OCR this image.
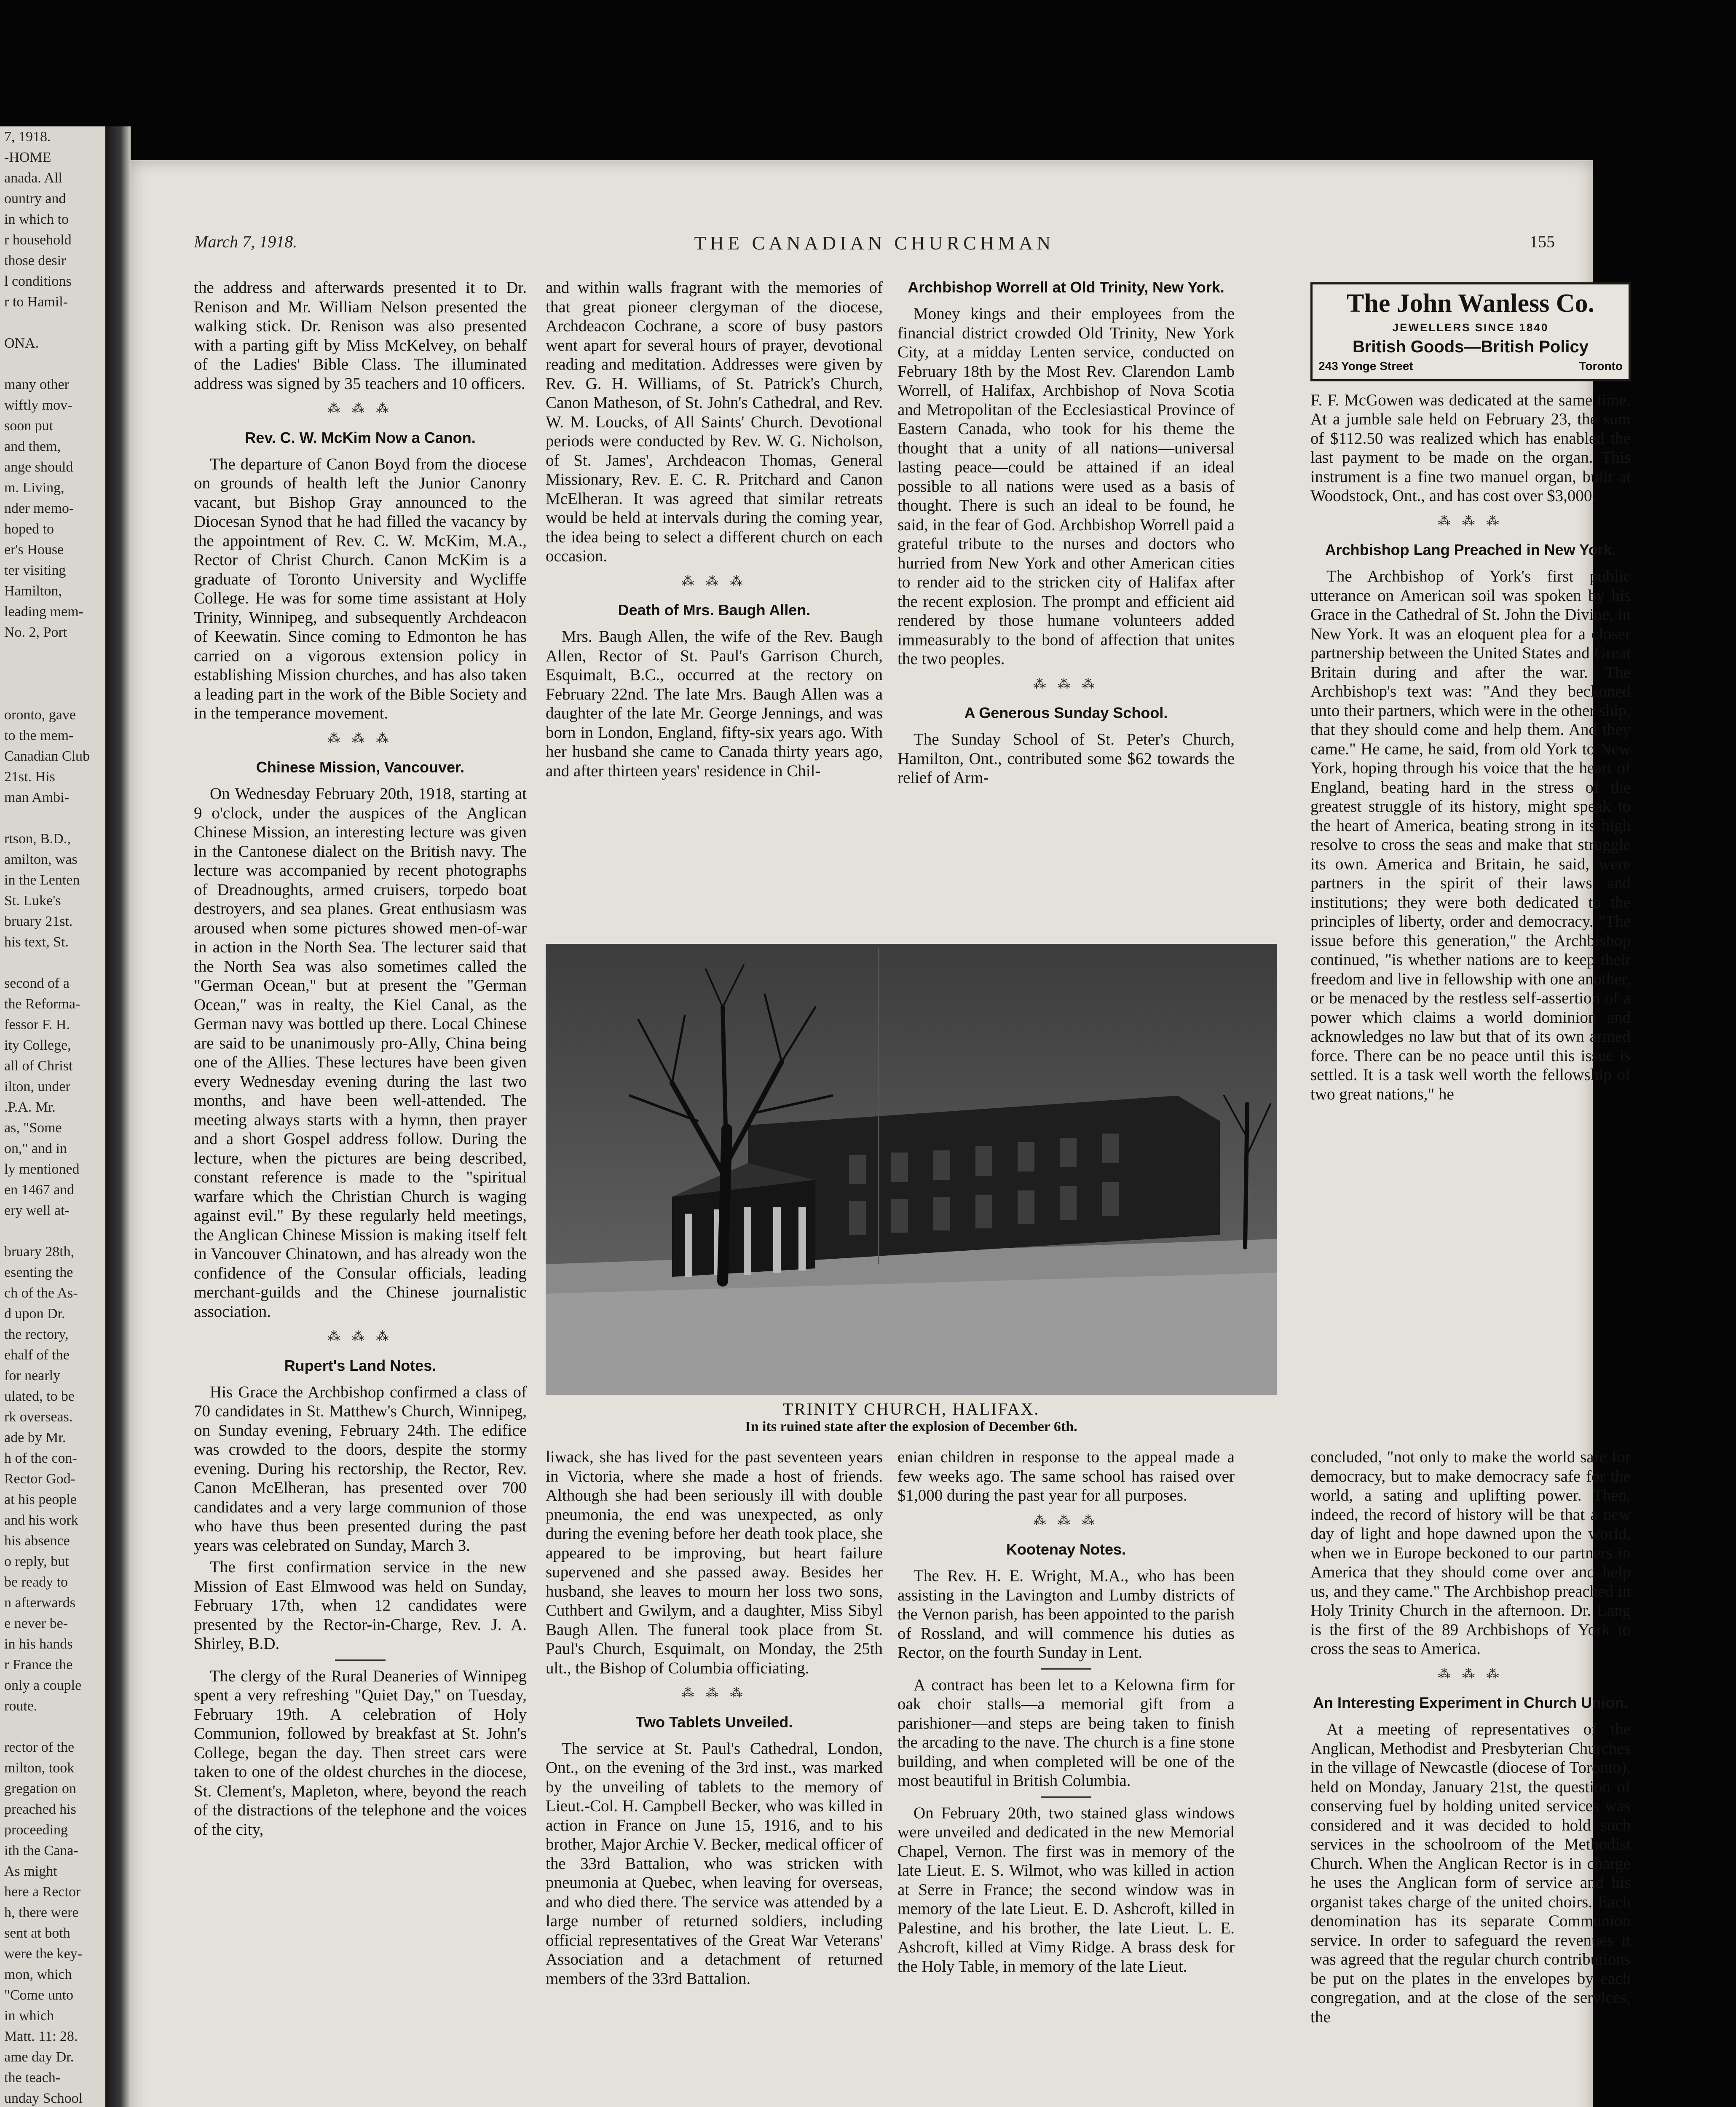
7, 1918.
-HOME
anada. All
ountry and
in which to
r household
those desir
l conditions
r to Hamil-

ONA.

many other
wiftly mov-
soon put
and them,
ange should
m. Living,
nder memo-
hoped to
er's House
ter visiting
Hamilton,
leading mem-
No. 2, Port

oronto, gave
to the mem-
Canadian Club
21st. His
man Ambi-

rtson, B.D.,
amilton, was
in the Lenten
St. Luke's
bruary 21st.
his text, St.

second of a
the Reforma-
fessor F. H.
ity College,
all of Christ
ilton, under
.P.A. Mr.
as, "Some
on," and in
ly mentioned
en 1467 and
ery well at-

bruary 28th,
esenting the
ch of the As-
d upon Dr.
the rectory,
ehalf of the
for nearly
ulated, to be
rk overseas.
ade by Mr.
h of the con-
Rector God-
at his people
and his work
his absence
o reply, but
be ready to
n afterwards
e never be-
in his hands
r France the
only a couple
route.

rector of the
milton, took
gregation on
preached his
proceeding
ith the Cana-
As might
here a Rector
h, there were
sent at both
were the key-
mon, which
"Come unto
in which
Matt. 11: 28.
ame day Dr.
the teach-
unday School
March 7, 1918.	THE CANADIAN CHURCHMAN	155

the address and afterwards presented it to Dr. Renison and Mr. William Nelson presented the walking stick. Dr. Renison was also presented with a parting gift by Miss McKelvey, on behalf of the Ladies' Bible Class. The illuminated address was signed by 35 teachers and 10 officers.

⁂ ⁂ ⁂
Rev. C. W. McKim Now a Canon.

The departure of Canon Boyd from the diocese on grounds of health left the Junior Canonry vacant, but Bishop Gray announced to the Diocesan Synod that he had filled the vacancy by the appointment of Rev. C. W. McKim, M.A., Rector of Christ Church. Canon McKim is a graduate of Toronto University and Wycliffe College. He was for some time assistant at Holy Trinity, Winnipeg, and subsequently Archdeacon of Keewatin. Since coming to Edmonton he has carried on a vigorous extension policy in establishing Mission churches, and has also taken a leading part in the work of the Bible Society and in the temperance movement.

⁂ ⁂ ⁂
Chinese Mission, Vancouver.

On Wednesday February 20th, 1918, starting at 9 o'clock, under the auspices of the Anglican Chinese Mission, an interesting lecture was given in the Cantonese dialect on the British navy. The lecture was accompanied by recent photographs of Dreadnoughts, armed cruisers, torpedo boat destroyers, and sea planes. Great enthusiasm was aroused when some pictures showed men-of-war in action in the North Sea. The lecturer said that the North Sea was also sometimes called the "German Ocean," but at present the "German Ocean," was in realty, the Kiel Canal, as the German navy was bottled up there. Local Chinese are said to be unanimously pro-Ally, China being one of the Allies. These lectures have been given every Wednesday evening during the last two months, and have been well-attended. The meeting always starts with a hymn, then prayer and a short Gospel address follow. During the lecture, when the pictures are being described, constant reference is made to the "spiritual warfare which the Christian Church is waging against evil." By these regularly held meetings, the Anglican Chinese Mission is making itself felt in Vancouver Chinatown, and has already won the confidence of the Consular officials, leading merchant-guilds and the Chinese journalistic association.

⁂ ⁂ ⁂
Rupert's Land Notes.

His Grace the Archbishop confirmed a class of 70 candidates in St. Matthew's Church, Winnipeg, on Sunday evening, February 24th. The edifice was crowded to the doors, despite the stormy evening. During his rectorship, the Rector, Rev. Canon McElheran, has presented over 700 candidates and a very large communion of those who have thus been presented during the past years was celebrated on Sunday, March 3.

The first confirmation service in the new Mission of East Elmwood was held on Sunday, February 17th, when 12 candidates were presented by the Rector-in-Charge, Rev. J. A. Shirley, B.D.

The clergy of the Rural Deaneries of Winnipeg spent a very refreshing "Quiet Day," on Tuesday, February 19th. A celebration of Holy Communion, followed by breakfast at St. John's College, began the day. Then street cars were taken to one of the oldest churches in the diocese, St. Clement's, Mapleton, where, beyond the reach of the distractions of the telephone and the voices of the city,

and within walls fragrant with the memories of that great pioneer clergyman of the diocese, Archdeacon Cochrane, a score of busy pastors went apart for several hours of prayer, devotional reading and meditation. Addresses were given by Rev. G. H. Williams, of St. Patrick's Church, Canon Matheson, of St. John's Cathedral, and Rev. W. M. Loucks, of All Saints' Church. Devotional periods were conducted by Rev. W. G. Nicholson, of St. James', Archdeacon Thomas, General Missionary, Rev. E. C. R. Pritchard and Canon McElheran. It was agreed that similar retreats would be held at intervals during the coming year, the idea being to select a different church on each occasion.

⁂ ⁂ ⁂
Death of Mrs. Baugh Allen.

Mrs. Baugh Allen, the wife of the Rev. Baugh Allen, Rector of St. Paul's Garrison Church, Esquimalt, B.C., occurred at the rectory on February 22nd. The late Mrs. Baugh Allen was a daughter of the late Mr. George Jennings, and was born in London, England, fifty-six years ago. With her husband she came to Canada thirty years ago, and after thirteen years' residence in Chil-

Archbishop Worrell at Old Trinity, New York.

Money kings and their employees from the financial district crowded Old Trinity, New York City, at a midday Lenten service, conducted on February 18th by the Most Rev. Clarendon Lamb Worrell, of Halifax, Archbishop of Nova Scotia and Metropolitan of the Ecclesiastical Province of Eastern Canada, who took for his theme the thought that a unity of all nations—universal lasting peace—could be attained if an ideal possible to all nations were used as a basis of thought. There is such an ideal to be found, he said, in the fear of God. Archbishop Worrell paid a grateful tribute to the nurses and doctors who hurried from New York and other American cities to render aid to the stricken city of Halifax after the recent explosion. The prompt and efficient aid rendered by those humane volunteers added immeasurably to the bond of affection that unites the two peoples.

⁂ ⁂ ⁂
A Generous Sunday School.

The Sunday School of St. Peter's Church, Hamilton, Ont., contributed some $62 towards the relief of Arm-

TRINITY CHURCH, HALIFAX.
In its ruined state after the explosion of December 6th.

liwack, she has lived for the past seventeen years in Victoria, where she made a host of friends. Although she had been seriously ill with double pneumonia, the end was unexpected, as only during the evening before her death took place, she appeared to be improving, but heart failure supervened and she passed away. Besides her husband, she leaves to mourn her loss two sons, Cuthbert and Gwilym, and a daughter, Miss Sibyl Baugh Allen. The funeral took place from St. Paul's Church, Esquimalt, on Monday, the 25th ult., the Bishop of Columbia officiating.

⁂ ⁂ ⁂
Two Tablets Unveiled.

The service at St. Paul's Cathedral, London, Ont., on the evening of the 3rd inst., was marked by the unveiling of tablets to the memory of Lieut.-Col. H. Campbell Becker, who was killed in action in France on June 15, 1916, and to his brother, Major Archie V. Becker, medical officer of the 33rd Battalion, who was stricken with pneumonia at Quebec, when leaving for overseas, and who died there. The service was attended by a large number of returned soldiers, including official representatives of the Great War Veterans' Association and a detachment of returned members of the 33rd Battalion.

enian children in response to the appeal made a few weeks ago. The same school has raised over $1,000 during the past year for all purposes.

⁂ ⁂ ⁂
Kootenay Notes.

The Rev. H. E. Wright, M.A., who has been assisting in the Lavington and Lumby districts of the Vernon parish, has been appointed to the parish of Rossland, and will commence his duties as Rector, on the fourth Sunday in Lent.

A contract has been let to a Kelowna firm for oak choir stalls—a memorial gift from a parishioner—and steps are being taken to finish the arcading to the nave. The church is a fine stone building, and when completed will be one of the most beautiful in British Columbia.

On February 20th, two stained glass windows were unveiled and dedicated in the new Memorial Chapel, Vernon. The first was in memory of the late Lieut. E. S. Wilmot, who was killed in action at Serre in France; the second window was in memory of the late Lieut. E. D. Ashcroft, killed in Palestine, and his brother, the late Lieut. L. E. Ashcroft, killed at Vimy Ridge. A brass desk for the Holy Table, in memory of the late Lieut.

The John Wanless Co.
JEWELLERS SINCE 1840
British Goods—British Policy
243 Yonge Street	Toronto

F. F. McGowen was dedicated at the same time. At a jumble sale held on February 23, the sum of $112.50 was realized which has enabled the last payment to be made on the organ. This instrument is a fine two manuel organ, built at Woodstock, Ont., and has cost over $3,000.

⁂ ⁂ ⁂
Archbishop Lang Preached in New York.

The Archbishop of York's first public utterance on American soil was spoken by his Grace in the Cathedral of St. John the Divine, in New York. It was an eloquent plea for a closer partnership between the United States and Great Britain during and after the war. The Archbishop's text was: "And they beckoned unto their partners, which were in the other ship, that they should come and help them. And they came." He came, he said, from old York to New York, hoping through his voice that the heart of England, beating hard in the stress of the greatest struggle of its history, might speak to the heart of America, beating strong in its high resolve to cross the seas and make that struggle its own. America and Britain, he said, were partners in the spirit of their laws and institutions; they were both dedicated to the principles of liberty, order and democracy. "The issue before this generation," the Archbishop continued, "is whether nations are to keep their freedom and live in fellowship with one another, or be menaced by the restless self-assertion of a power which claims a world dominion and acknowledges no law but that of its own armed force. There can be no peace until this issue is settled. It is a task well worth the fellowship of two great nations," he

concluded, "not only to make the world safe for democracy, but to make democracy safe for the world, a sating and uplifting power. Then, indeed, the record of history will be that a new day of light and hope dawned upon the world, when we in Europe beckoned to our partners in America that they should come over and help us, and they came." The Archbishop preached in Holy Trinity Church in the afternoon. Dr. Lang is the first of the 89 Archbishops of York to cross the seas to America.

⁂ ⁂ ⁂
An Interesting Experiment in Church Union.

At a meeting of representatives of the Anglican, Methodist and Presbyterian Churches in the village of Newcastle (diocese of Toronto), held on Monday, January 21st, the question of conserving fuel by holding united services was considered and it was decided to hold such services in the schoolroom of the Methodist Church. When the Anglican Rector is in charge he uses the Anglican form of service and his organist takes charge of the united choirs. Each denomination has its separate Communion service. In order to safeguard the revenues it was agreed that the regular church contributions be put on the plates in the envelopes by each congregation, and at the close of the services, the
